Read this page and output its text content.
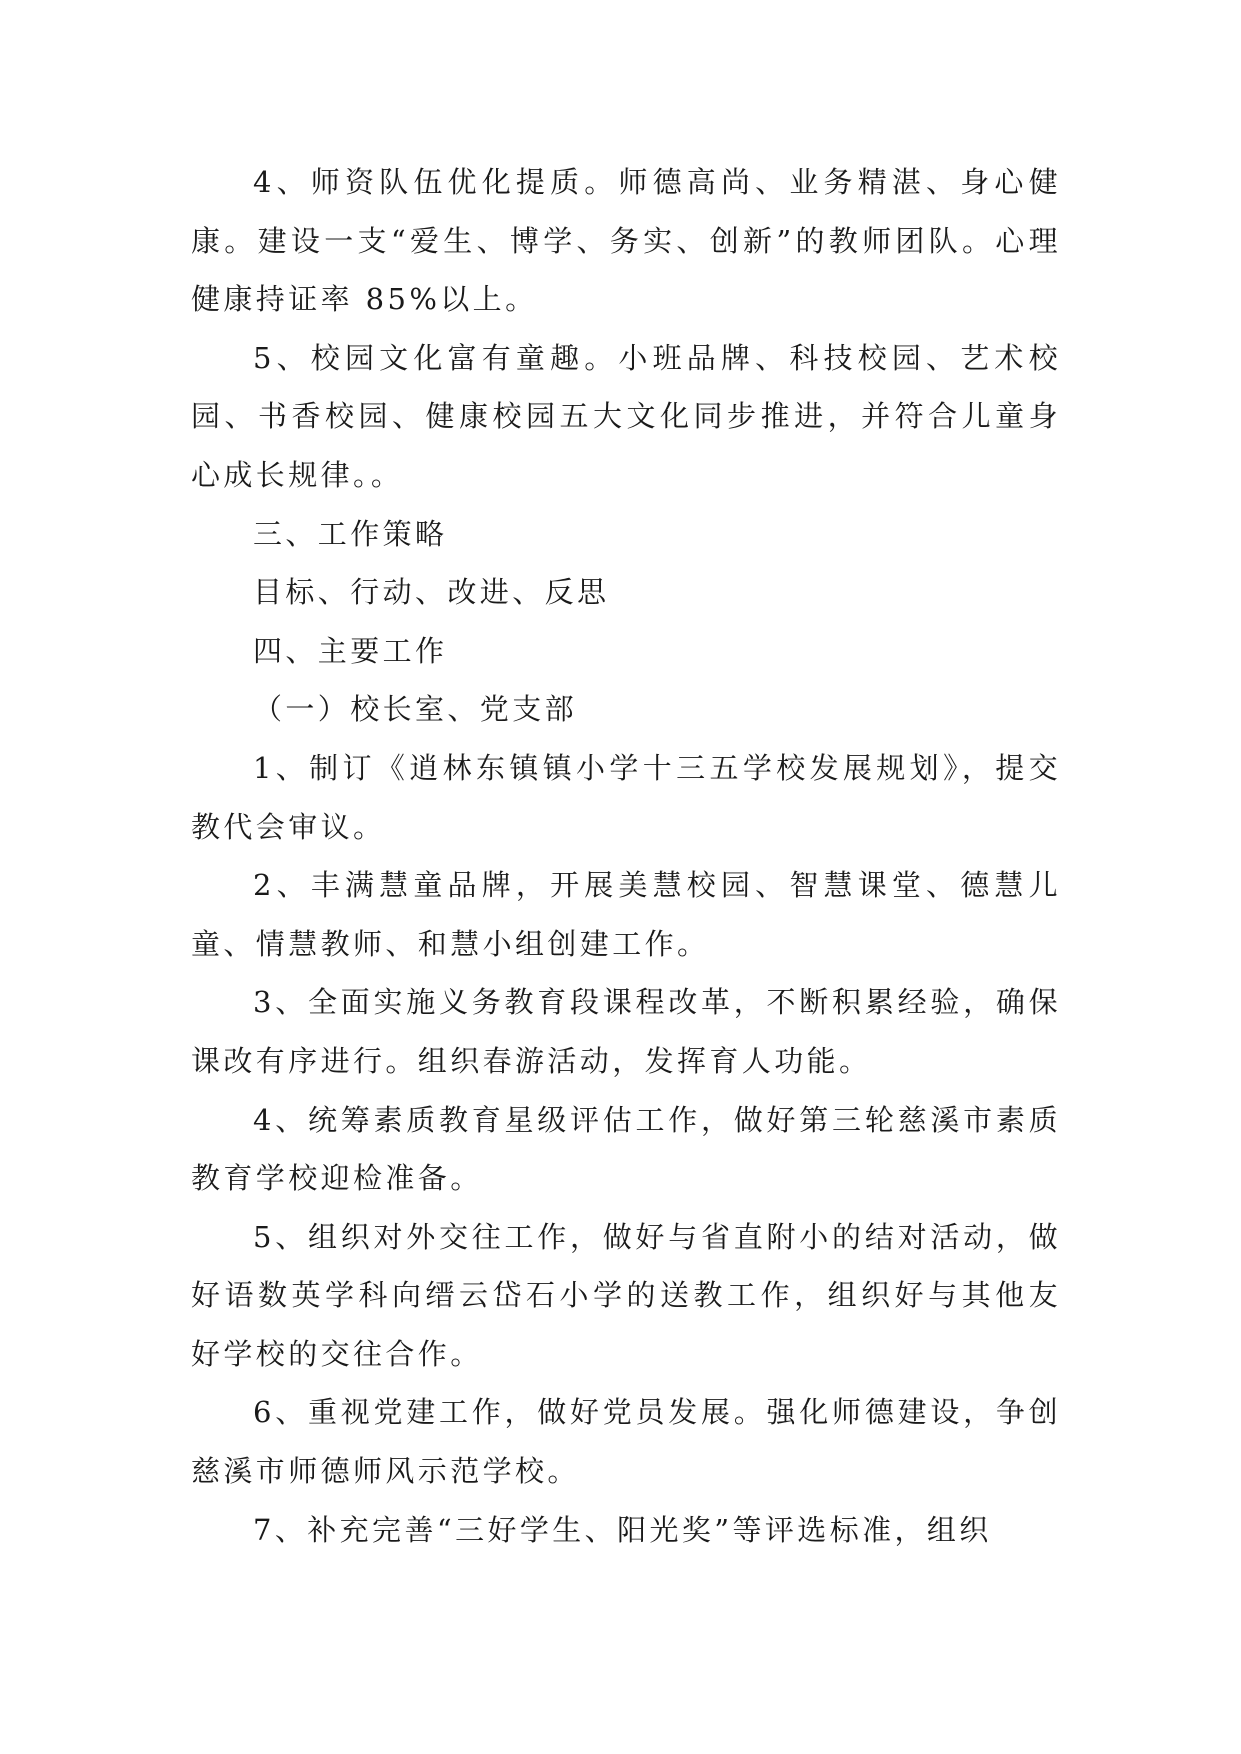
4、师资队伍优化提质。师德高尚、业务精湛、身心健康。建设一支“爱生、博学、务实、创新”的教师团队。心理健康持证率 85%以上。

5、校园文化富有童趣。小班品牌、科技校园、艺术校园、书香校园、健康校园五大文化同步推进，并符合儿童身心成长规律。。

三、工作策略

目标、行动、改进、反思

四、主要工作

（一）校长室、党支部

1、制订《逍林东镇镇小学十三五学校发展规划》，提交教代会审议。

2、丰满慧童品牌，开展美慧校园、智慧课堂、德慧儿童、情慧教师、和慧小组创建工作。

3、全面实施义务教育段课程改革，不断积累经验，确保课改有序进行。组织春游活动，发挥育人功能。

4、统筹素质教育星级评估工作，做好第三轮慈溪市素质教育学校迎检准备。

5、组织对外交往工作，做好与省直附小的结对活动，做好语数英学科向缙云岱石小学的送教工作，组织好与其他友好学校的交往合作。

6、重视党建工作，做好党员发展。强化师德建设，争创慈溪市师德师风示范学校。

7、补充完善“三好学生、阳光奖”等评选标准，组织
